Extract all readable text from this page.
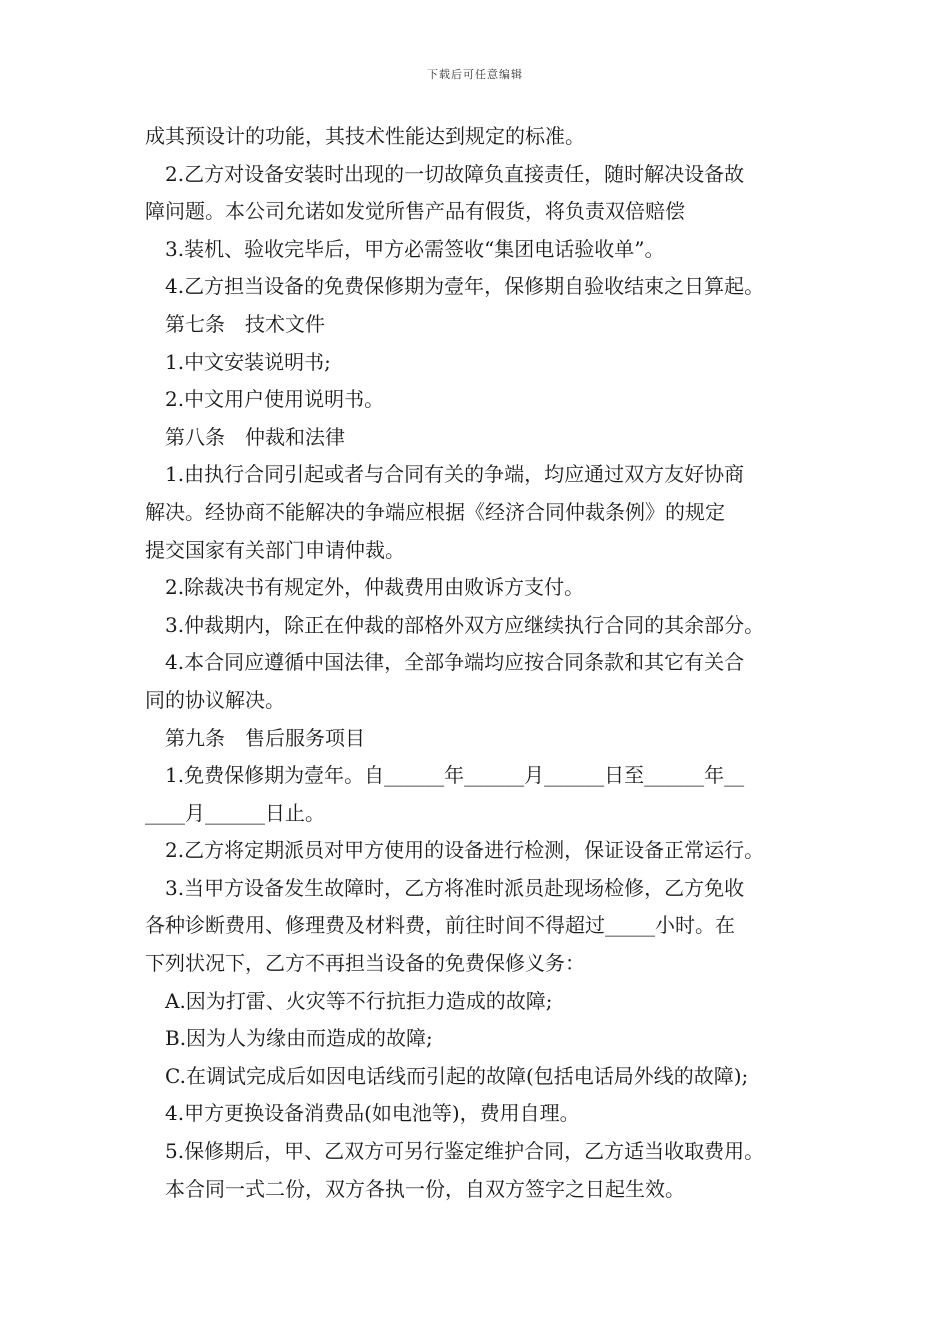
下载后可任意编辑
成其预设计的功能，其技术性能达到规定的标准。
2.乙方对设备安装时出现的一切故障负直接责任，随时解决设备故
障问题。本公司允诺如发觉所售产品有假货，将负责双倍赔偿
3.装机、验收完毕后，甲方必需签收“集团电话验收单”。
4.乙方担当设备的免费保修期为壹年，保修期自验收结束之日算起。
第七条　技术文件
1.中文安装说明书;
2.中文用户使用说明书。
第八条　仲裁和法律
1.由执行合同引起或者与合同有关的争端，均应通过双方友好协商
解决。经协商不能解决的争端应根据《经济合同仲裁条例》的规定
提交国家有关部门申请仲裁。
2.除裁决书有规定外，仲裁费用由败诉方支付。
3.仲裁期内，除正在仲裁的部格外双方应继续执行合同的其余部分。
4.本合同应遵循中国法律，全部争端均应按合同条款和其它有关合
同的协议解决。
第九条　售后服务项目
1.免费保修期为壹年。自______年______月______日至______年__
____月______日止。
2.乙方将定期派员对甲方使用的设备进行检测，保证设备正常运行。
3.当甲方设备发生故障时，乙方将准时派员赴现场检修，乙方免收
各种诊断费用、修理费及材料费，前往时间不得超过_____小时。在
下列状况下，乙方不再担当设备的免费保修义务：
A.因为打雷、火灾等不行抗拒力造成的故障;
B.因为人为缘由而造成的故障;
C.在调试完成后如因电话线而引起的故障(包括电话局外线的故障);
4.甲方更换设备消费品(如电池等)，费用自理。
5.保修期后，甲、乙双方可另行鉴定维护合同，乙方适当收取费用。
本合同一式二份，双方各执一份，自双方签字之日起生效。
